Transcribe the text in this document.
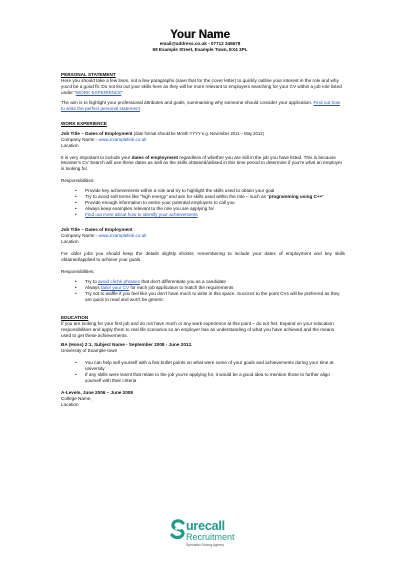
Your Name
email@address.co.uk - 07712 345678
99 Example Street, Example Town, EX4 3PL

PERSONAL STATEMENT

Here you should take a few lines, not a few paragraphs (save that for the cover letter) to quickly outline your interest in the role and why you'd be a good fit. Do not list out your skills here as they will be more relevant to employers searching for your CV within a job role listed under “WORK EXPERIENCE”.

The aim is to highlight your professional attributes and goals, summarising why someone should consider your application. Find out how to write the perfect personal statement

WORK EXPERIENCE

Job Title – Dates of Employment (date format should be Month YYYY e.g. November 2011 – May 2012)

Company Name - www.examplelink.co.uk

Location

It is very important to include your dates of employment regardless of whether you are still in the job you have listed. This is because Monster's CV Search will use these dates as well as the skills obtained/utilised in this time period to determine if you're what an employer is looking for.

Responsibilities:

• Provide key achievements within a role and try to highlight the skills used to obtain your goal
• Try to avoid soft terms like “high energy” and aim for skills used within the role – such as “programming using C++”
• Provide enough information to entice your potential employers to call you
• Always keep examples relevant to the role you are applying for
• Find out more about how to identify your achievements

Job Title – Dates of Employment

Company Name - www.examplelink.co.uk

Location

For older jobs you should keep the details slightly shorter, remembering to include your dates of employment and key skills obtained/applied to achieve your goals.

Responsibilities:

• Try to avoid cliché phrases that don't differentiate you as a candidate
• Always tailor your CV for each job application to match the requirements
• Try not to waffle if you feel like you don't have much to write in this space. Succinct to the point CVs will be preferred as they are quick to read and won't be generic

EDUCATION

If you are looking for your first job and do not have much or any work experience at this point – do not fret. Expand on your education responsibilities and apply them to real life scenarios so an employer has an understanding of what you have achieved and the means used to get these achievements.

BA (Hons) 2:1, Subject Name - September 2008 - June 2012.

University of Example-town

• You can help sell yourself with a few bullet points on what were some of your goals and achievements during your time at university
• If any skills were learnt that relate to the job you're applying for, it would be a good idea to mention those to further align yourself with their criteria

A-Levels, June 2006 – June 2008

College Name,

Location

urecall
Recruitment
Specialist Driving Agency
